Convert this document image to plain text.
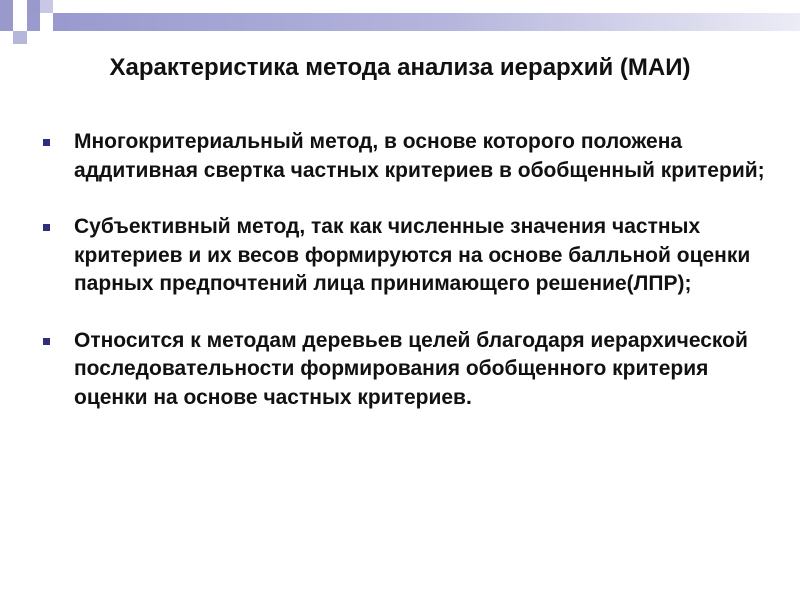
Характеристика метода анализа иерархий (МАИ)
Многокритериальный метод, в основе которого положена аддитивная свертка частных критериев в обобщенный критерий;
Субъективный метод, так как численные значения частных критериев и их весов формируются на основе балльной оценки парных предпочтений лица принимающего решение(ЛПР);
Относится к методам деревьев целей благодаря иерархической последовательности формирования обобщенного критерия оценки на основе частных критериев.
